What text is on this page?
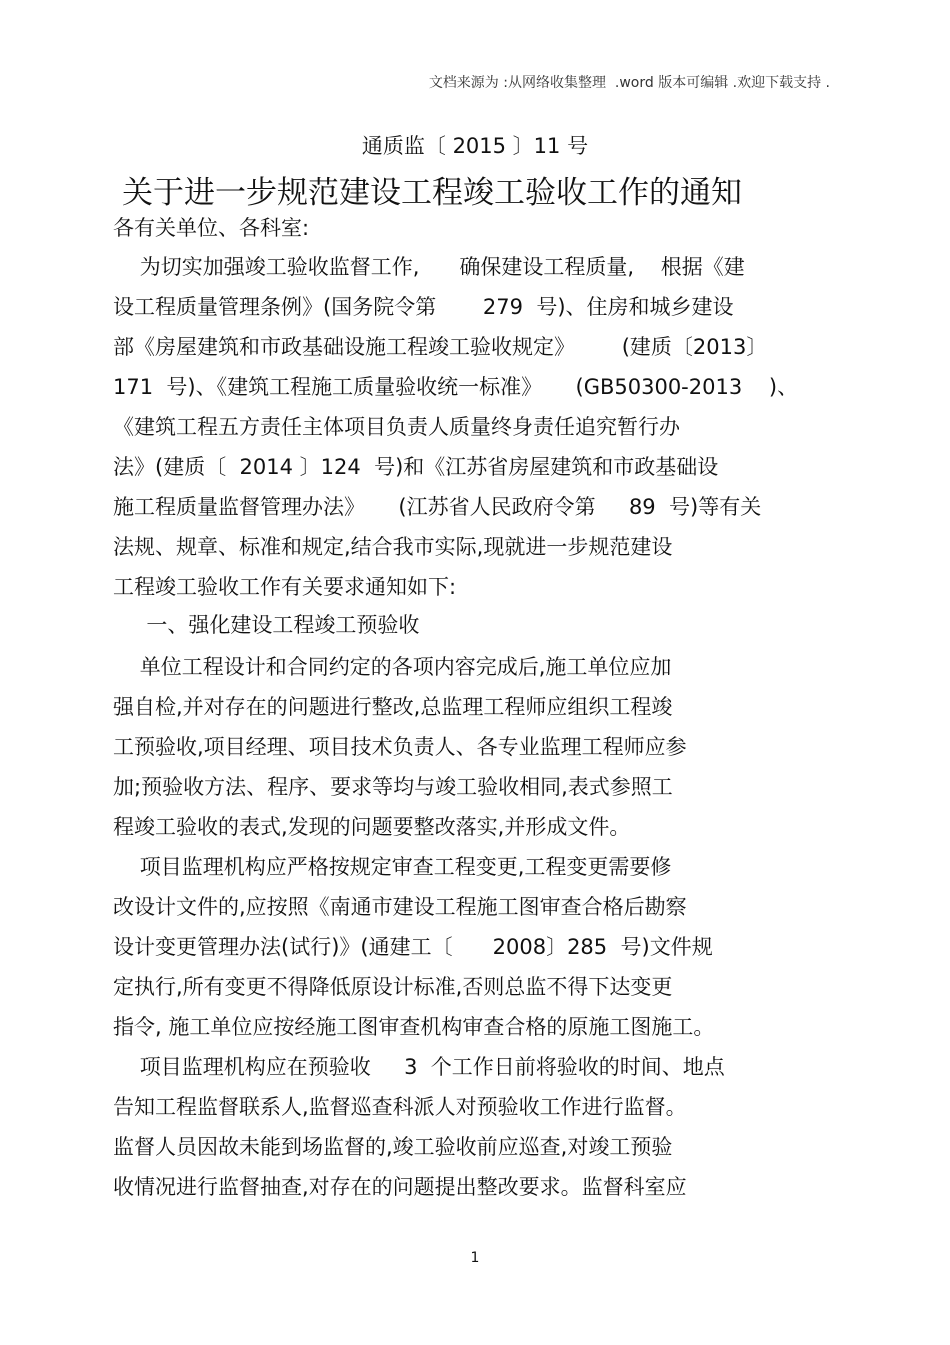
文档来源为 :从网络收集整理  .word 版本可编辑 .欢迎下载支持 .
通质监〔 2015 〕11 号
关于进一步规范建设工程竣工验收工作的通知
各有关单位、各科室:
为切实加强竣工验收监督工作,      确保建设工程质量,    根据《建
设工程质量管理条例》(国务院令第       279  号)、住房和城乡建设
部《房屋建筑和市政基础设施工程竣工验收规定》       (建质〔2013〕
171  号)、《建筑工程施工质量验收统一标准》     (GB50300-2013    )、
《建筑工程五方责任主体项目负责人质量终身责任追究暂行办
法》(建质〔  2014 〕124  号)和《江苏省房屋建筑和市政基础设
施工程质量监督管理办法》     (江苏省人民政府令第     89  号)等有关
法规、规章、标准和规定,结合我市实际,现就进一步规范建设
工程竣工验收工作有关要求通知如下:
一、强化建设工程竣工预验收
单位工程设计和合同约定的各项内容完成后,施工单位应加
强自检,并对存在的问题进行整改,总监理工程师应组织工程竣
工预验收,项目经理、项目技术负责人、各专业监理工程师应参
加;预验收方法、程序、要求等均与竣工验收相同,表式参照工
程竣工验收的表式,发现的问题要整改落实,并形成文件。
项目监理机构应严格按规定审查工程变更,工程变更需要修
改设计文件的,应按照《南通市建设工程施工图审查合格后勘察
设计变更管理办法(试行)》(通建工〔      2008〕285  号)文件规
定执行,所有变更不得降低原设计标准,否则总监不得下达变更
指令, 施工单位应按经施工图审查机构审查合格的原施工图施工。
项目监理机构应在预验收     3  个工作日前将验收的时间、地点
告知工程监督联系人,监督巡查科派人对预验收工作进行监督。
监督人员因故未能到场监督的,竣工验收前应巡查,对竣工预验
收情况进行监督抽查,对存在的问题提出整改要求。监督科室应
1
